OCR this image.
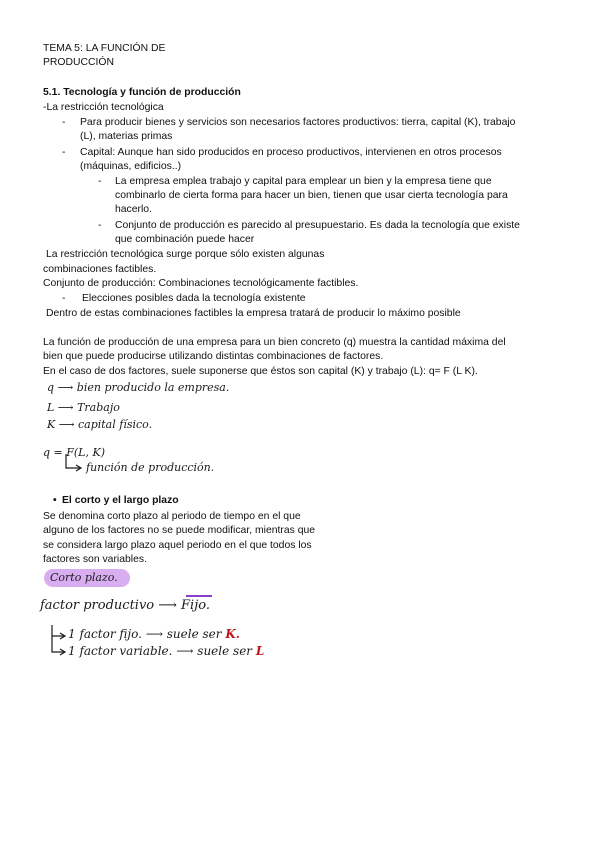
TEMA 5: LA FUNCIÓN DE
PRODUCCIÓN
5.1. Tecnología y función de producción
-La restricción tecnológica
- Para producir bienes y servicios son necesarios factores productivos: tierra, capital (K), trabajo
(L), materias primas
- Capital: Aunque han sido producidos en proceso productivos, intervienen en otros procesos
(máquinas, edificios..)
- La empresa emplea trabajo y capital para emplear un bien y la empresa tiene que
combinarlo de cierta forma para hacer un bien, tienen que usar cierta tecnología para
hacerlo.
- Conjunto de producción es parecido al presupuestario. Es dada la tecnología que existe
que combinación puede hacer
La restricción tecnológica surge porque sólo existen algunas
combinaciones factibles.
Conjunto de producción: Combinaciones tecnológicamente factibles.
- Elecciones posibles dada la tecnología existente
Dentro de estas combinaciones factibles la empresa tratará de producir lo máximo posible
La función de producción de una empresa para un bien concreto (q) muestra la cantidad máxima del
bien que puede producirse utilizando distintas combinaciones de factores.
En el caso de dos factores, suele suponerse que éstos son capital (K) y trabajo (L): q= F (L K).
q ⟶ bien producido la empresa.
L ⟶ Trabajo
K ⟶ capital físico.
q = F(L, K)
función de producción.
• El corto y el largo plazo
Se denomina corto plazo al periodo de tiempo en el que
alguno de los factores no se puede modificar, mientras que
se considera largo plazo aquel periodo en el que todos los
factores son variables.
Corto plazo.
factor productivo ⟶ Fijo.
1 factor fijo. ⟶ suele ser K.
1 factor variable. ⟶ suele ser L
